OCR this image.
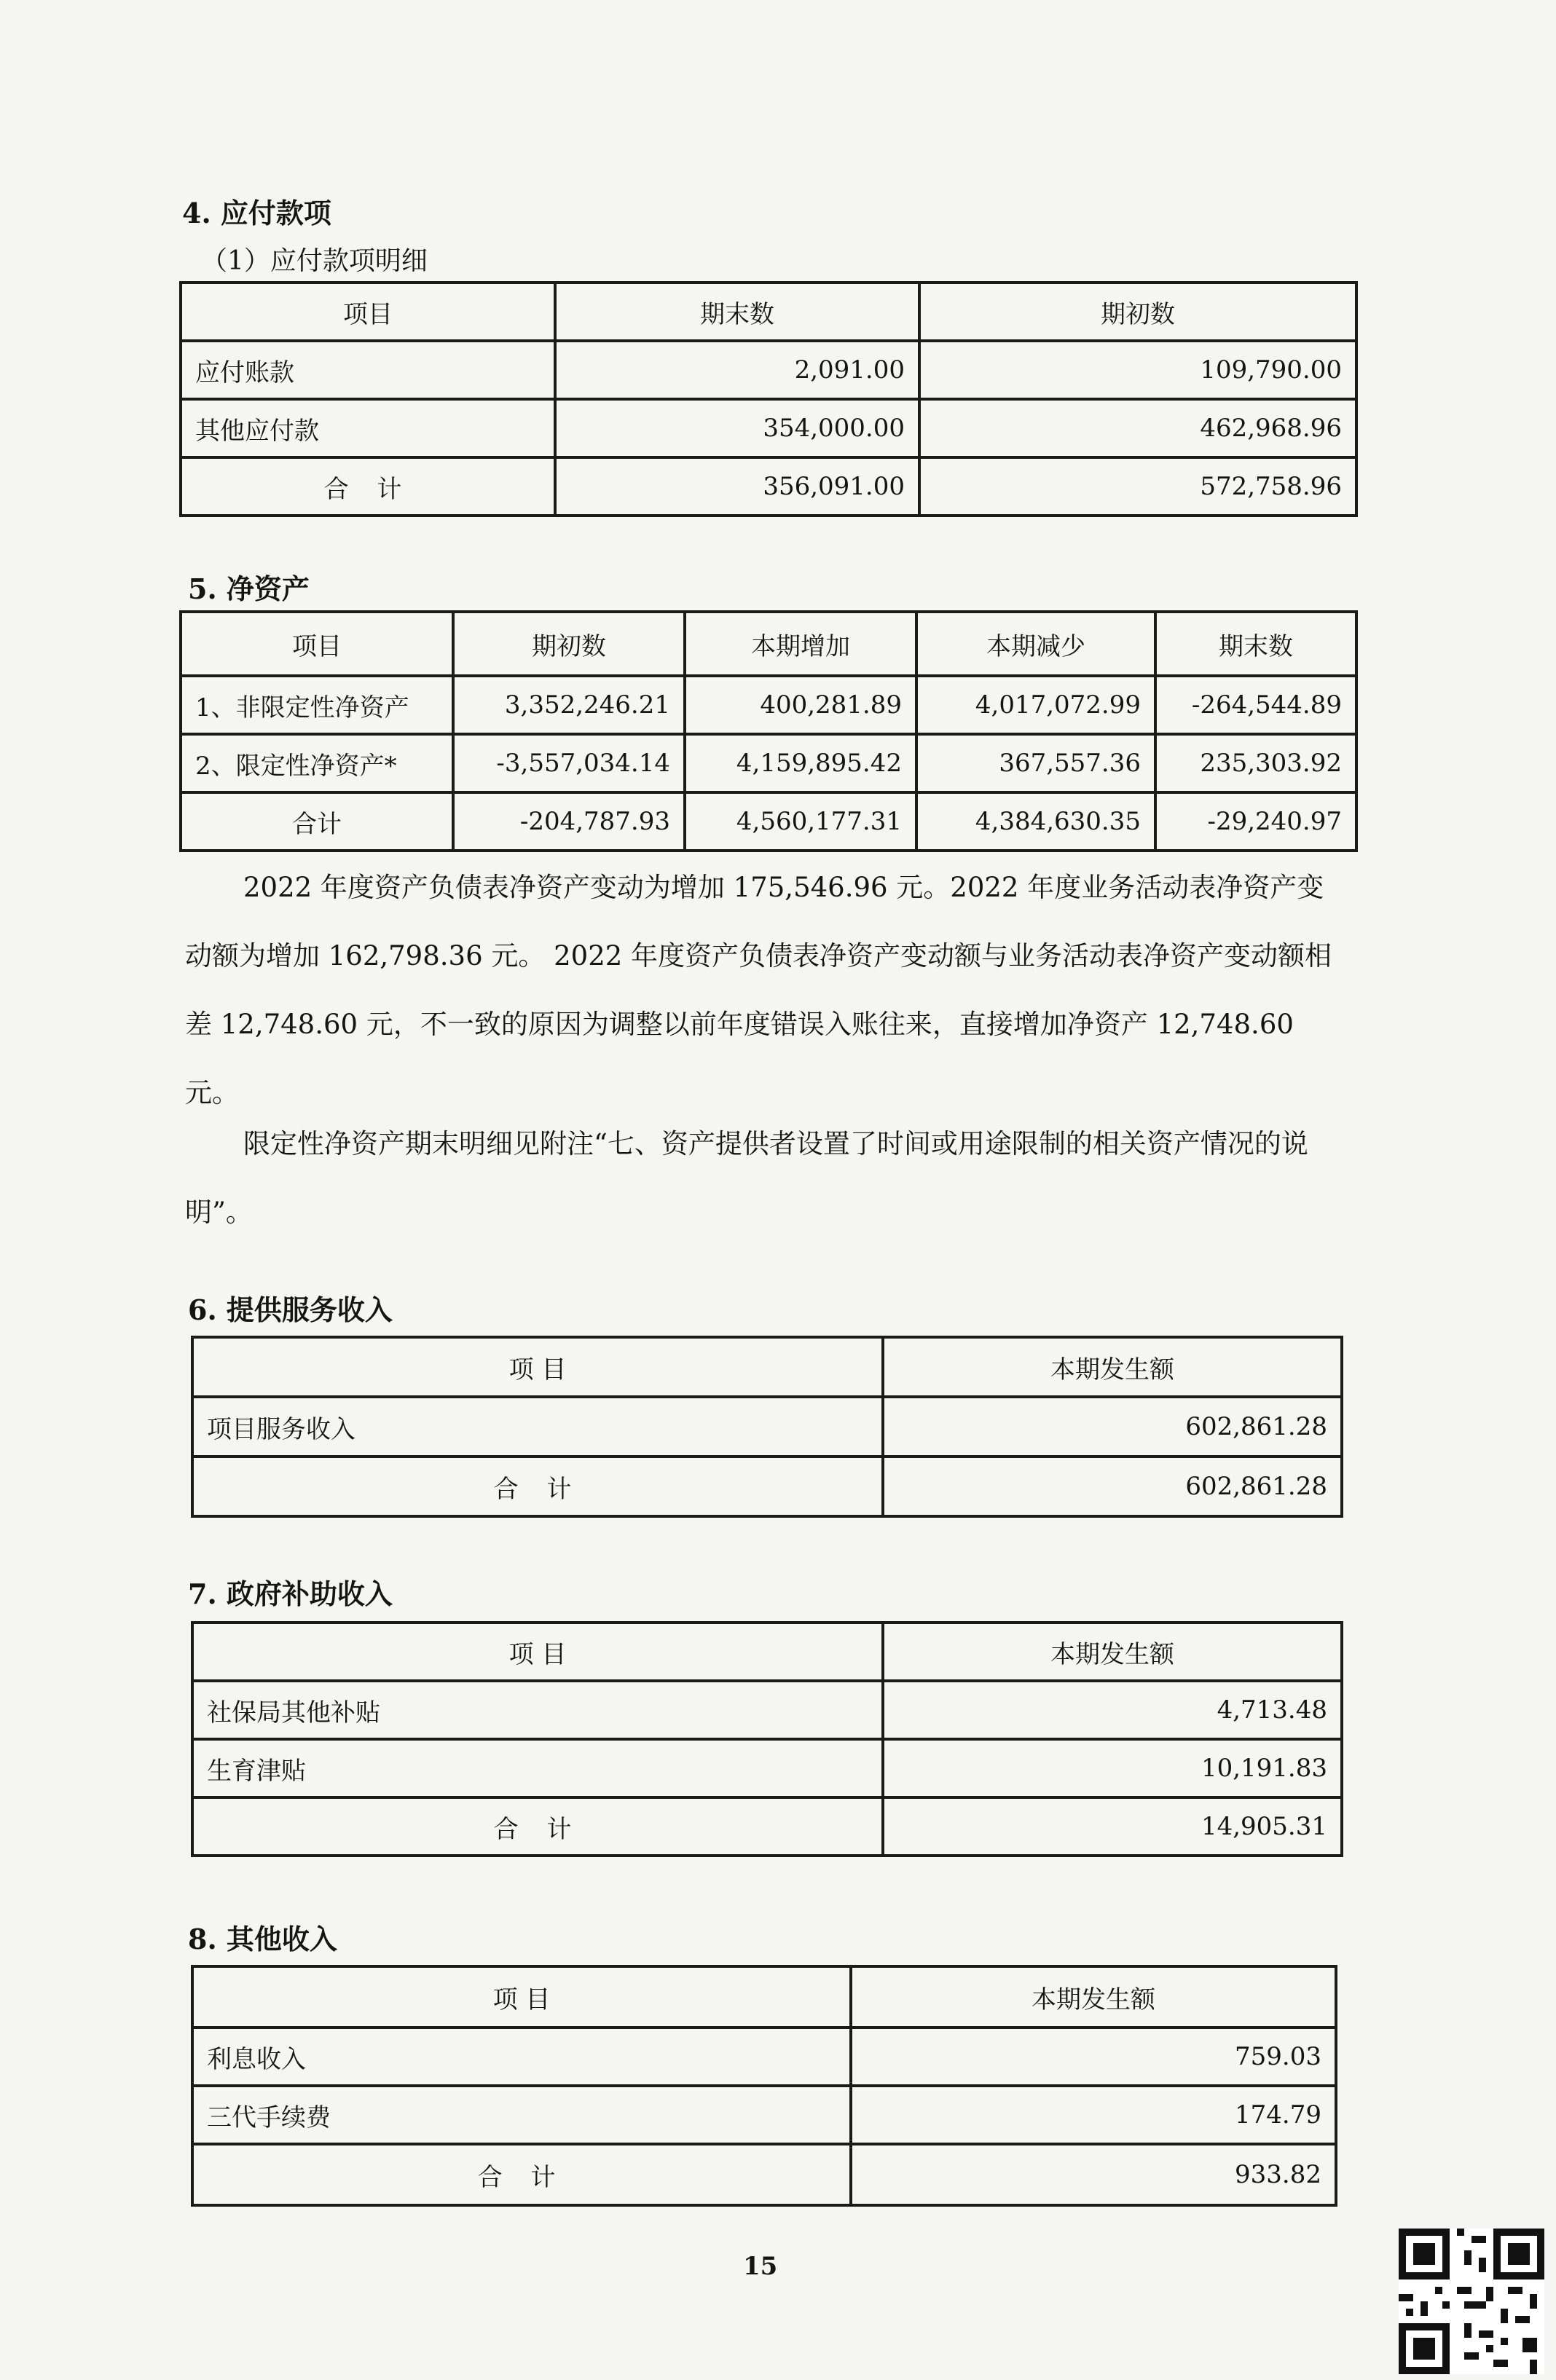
4. 应付款项
（1）应付款项明细
项目	期末数	期初数
应付账款	2,091.00	109,790.00
其他应付款	354,000.00	462,968.96
合 计	356,091.00	572,758.96
5. 净资产
项目	期初数	本期增加	本期减少	期末数
1、非限定性净资产	3,352,246.21	400,281.89	4,017,072.99	-264,544.89
2、限定性净资产*	-3,557,034.14	4,159,895.42	367,557.36	235,303.92
合计	-204,787.93	4,560,177.31	4,384,630.35	-29,240.97
2022 年度资产负债表净资产变动为增加 175,546.96 元。2022 年度业务活动表净资产变动额为增加 162,798.36 元。 2022 年度资产负债表净资产变动额与业务活动表净资产变动额相差 12,748.60 元，不一致的原因为调整以前年度错误入账往来，直接增加净资产 12,748.60 元。
限定性净资产期末明细见附注“七、资产提供者设置了时间或用途限制的相关资产情况的说明”。
6. 提供服务收入
项 目	本期发生额
项目服务收入	602,861.28
合 计	602,861.28
7. 政府补助收入
项 目	本期发生额
社保局其他补贴	4,713.48
生育津贴	10,191.83
合 计	14,905.31
8. 其他收入
项 目	本期发生额
利息收入	759.03
三代手续费	174.79
合 计	933.82
15
